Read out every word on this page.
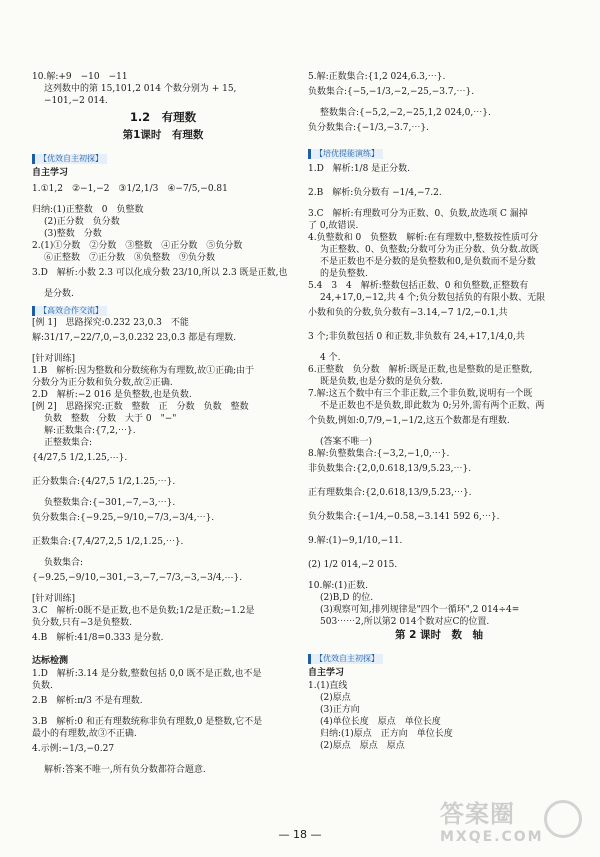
10.解:+9　−10　−11
这列数中的第 15,101,2 014 个数分别为 + 15,
−101,−2 014.
1.2　有理数
第1课时　有理数
【优效自主初探】
自主学习
1.①1,2　②−1,−2　③1/2,1/3　④−7/5,−0.81
归纳:(1)正整数　0　负整数
(2)正分数　负分数
(3)整数　分数
2.(1)①分数　②分数　③整数　④正分数　⑤负分数
⑥正整数　⑦正分数　⑧负整数　⑨负分数
3.D　解析:小数 2.3 可以化成分数 23/10,所以 2.3 既是正数,也
是分数.
【高效合作交流】
[例 1]　思路探究:0.232 23,0.3̇　不能
解:31/17,−22/7,0,−3,0.232 23,0.3̇ 都是有理数.
[针对训练]
1.B　解析:因为整数和分数统称为有理数,故①正确;由于
分数分为正分数和负分数,故②正确.
2.D　解析:−2 016 是负整数,也是负数.
[例 2]　思路探究:正数　整数　正　分数　负数　整数
负数　整数　分数　大于 0　"−"
解:正数集合:{7,2,⋯}.
正整数集合:
{4/27,5 1/2,1.25,⋯}.
正分数集合:{4/27,5 1/2,1.25,⋯}.
负整数集合:{−301,−7,−3,⋯}.
负分数集合:{−9.25,−9/10,−7/3,−3/4,⋯}.
正数集合:{7,4/27,2,5 1/2,1.25,⋯}.
负数集合:
{−9.25,−9/10,−301,−3,−7,−7/3,−3,−3/4,⋯}.
[针对训练]
3.C　解析:0既不是正数,也不是负数;1/2是正数;−1.2是
负分数,只有−3是负整数.
4.B　解析:41/8=0.333 是分数.
达标检测
1.D　解析:3.14 是分数,整数包括 0,0 既不是正数,也不是
负数.
2.B　解析:π/3 不是有理数.
3.B　解析:0 和正有理数统称非负有理数,0 是整数,它不是
最小的有理数,故③不正确.
4.示例:−1/3,−0.27
解析:答案不唯一,所有负分数都符合题意.
5.解:正数集合:{1,2 024,6.3,⋯}.
负数集合:{−5,−1/3,−2,−25,−3.7,⋯}.
整数集合:{−5,2,−2,−25,1,2 024,0,⋯}.
负分数集合:{−1/3,−3.7,⋯}.
【培优提能演练】
1.D　解析:1/8 是正分数.
2.B　解析:负分数有 −1/4,−7.2.
3.C　解析:有理数可分为正数、0、负数,故选项 C 漏掉
了 0,故错误.
4.负整数和 0　负整数　解析:在有理数中,整数按性质可分
为正整数、0、负整数;分数可分为正分数、负分数.故既
不是正数也不是分数的是负整数和0,是负数而不是分数
的是负整数.
5.4　3　4　解析:整数包括正数、0 和负整数,正整数有
24,+17,0,−12,共 4 个;负分数包括负的有限小数、无限
小数和负的分数,负分数有−3.14,−7 1/2,−0.1,共
3 个;非负数包括 0 和正数,非负数有 24,+17,1/4,0,共
4 个.
6.正整数　负分数　解析:既是正数,也是整数的是正整数,
既是负数,也是分数的是负分数.
7.解:这五个数中有三个非正数,三个非负数,说明有一个既
不是正数也不是负数,即此数为 0;另外,需有两个正数、两
个负数,例如:0,7/9,−1,−1/2,这五个数都是有理数.
(答案不唯一)
8.解:负整数集合:{−3,2,−1,0,⋯}.
非负数集合:{2,0,0.618,13/9,5.23,⋯}.
正有理数集合:{2,0.618,13/9,5.23,⋯}.
负分数集合:{−1/4,−0.58,−3.141 592 6,⋯}.
9.解:(1)−9,1/10,−11.
(2) 1/2 014,−2 015.
10.解:(1)正数.
(2)B,D 的位.
(3)观察可知,排列规律是"四个一循环",2 014÷4=
503⋯⋯2,所以第2 014个数对应C的位置.
第 2 课时　数　轴
【优效自主初探】
自主学习
1.(1)直线
(2)原点
(3)正方向
(4)单位长度　原点　单位长度
归纳:(1)原点　正方向　单位长度
(2)原点　原点　原点
— 18 —
答案圈
MXQE.COM
